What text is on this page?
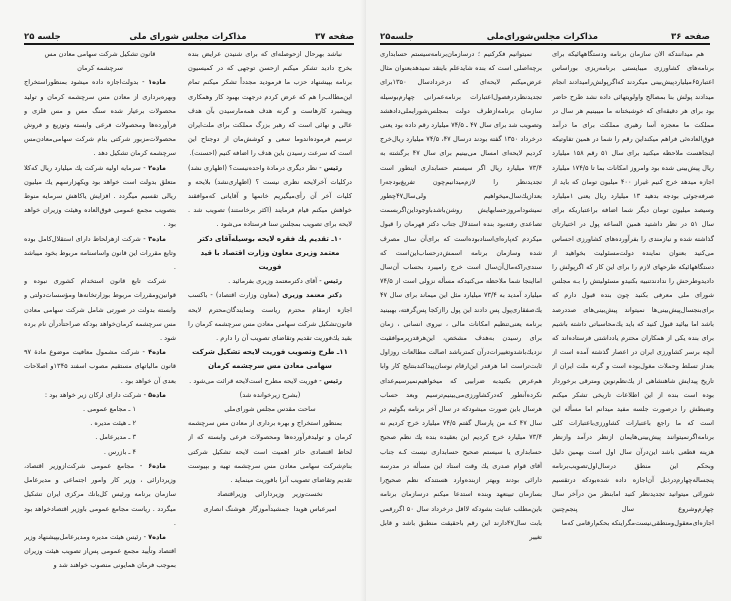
صفحه ۳۷
مذاکرات مجلس شورای ملی
جلسه ۲۵

نباشد بهرحال ازحوصله‌ای که برای شنیدن عرایض بنده بخرج دادید تشکر میکنم ازحسن توجهی که در کمیسیون برنامه بپیشنهاد حزب ما فرمودید مجدداً تشکر میکنم تمام این‌مطالب‌را هم که عرض کردم درجهت بهبود کار وهمکاری وپیشبرد کارهاست و گرنه هدف همه‌مارسیدن بآن هدف عالی و نهائی است که رهبر بزرگ مملکت برای ملت‌ایران ترسیم فرموده‌اندوما سعی و کوشش‌مان از دوجناح این است که سرعت رسیدن باین هدف را اضافه کنیم (احسنت).

رئیس - نظر دیگری درمادة واحده‌نیست؟ (اظهاری نشد) درکلیات آخرلایحه نظری نیست ؟ (اظهاری‌نشد) بلایحه و کلیات آخر آن رأی‌میگیریم خانمها و آقایانی که‌موافقند خواهش میکنم قیام فرمایند (اکثر برخاستند) تصویب شد . لایحه برای تصویب بمجلس سنا فرستاده می‌شود .

۱۰ـ تقدیم یك فقره لایحه بوسیله‌آقای دکتر معتمد وزیری معاون وزارت اقتصاد با قید فوریت

رئیس - آقای دکترمعتمد وزیری بفرمائید .

دکتر معتمد وزیری (معاون وزارت اقتصاد) - باکسب اجازه ازمقام محترم ریاست ونمایندگان‌محترم لایحه قانون‌تشکیل شرکت سهامی معادن مس سرچشمه کرمان را بقید یك‌فوریت تقدیم وتقاضای تصویب آن را دارم .

۱۱ـ طرح وتصویب فوریت لایحه تشکیل شرکت سهامی معادن مس سرچشمه کرمان

رئیس - فوریت لایحه مطرح است‌لایحه قرائت می‌شود .

(بشرح زیرخوانده شد)

ساحت مقدس مجلس شورای‌ملی

بمنظور استخراج و بهره برداری از معادن مس سرچشمه کرمان و تولیدفرآورده‌ها ومحصولات فرعی وابسته که از لحاظ اقتصادی حائز اهمیت است لایحه تشکیل شرکتی بنام‌شرکت سهامی معادن مس سرچشمه تهیه و بپیوست تقدیم وتقاضای تصویب آنرا بافوریت مینماید .

نخست‌وزیر    وزیردارائی    وزیراقتصاد

امیرعباس هویدا  جمشیدآموزگار  هوشنگ انصاری

قانون تشکیل شرکت سهامی معادن مس

سرچشمه کرمان

ماده۱ - بدولت‌اجازه داده میشود بمنظوراستخراج وبهره‌برداری از معادن مس سرچشمه کرمان و تولید محصولات برعیار شده سنگ مس و مس فلزی و فرآورده‌ها ومحصولات فرعی وابسته وتوزیع و فروش محصولات‌مزبور شرکتی بنام شرکت سهامی‌معادن‌مس سرچشمه کرمان تشکیل دهد .

ماده۲ - سرمایه اولیه شرکت یك میلیارد ریال که‌کلا متعلق بدولت است خواهد بود ویکهزارسهم یك میلیون ریالی تقسیم میگردد . افزایش یاکاهش سرمایه منوط بتصویب مجمع عمومی فوق‌العاده وهیئت وزیران خواهد بود .

ماده۳ - شرکت ازهرلحاظ دارای استقلال‌کامل بوده وتابع مقررات این قانون واساسنامه مربوط بخود میباشد .

شرکت تابع قانون استخدام کشوری نبوده و قوانین‌ومقررات مربوط بوزارتخانه‌ها ومؤسسات‌دولتی و وابسته بدولت در صورتی شامل شرکت سهامی معادن مس سرچشمه کرمان‌خواهد بودکه صراحتاًدرآن نام برده شود .

ماده۴ - شرکت مشمول معافیت موضوع مادة ۹۷ قانون مالیاتهای مستقیم مصوب اسفند ۱۳۴۵و اصلاحات بعدی آن خواهد بود .

ماده۵ - شرکت دارای ارکان زیر خواهد بود :

۱ ـ مجامع عمومی .

۲ ـ هیئت مدیره .

۳ ـ مدیرعامل .

۴ ـ بازرس .

ماده۶ - مجامع عمومی شرکت‌ازوزیر اقتصاد، وزیردارائی ، وزیر کار وامور اجتماعی و مدیرعامل سازمان برنامه ورئیس کل‌بانك مرکزی ایران تشکیل میگردد . ریاست مجامع عمومی باوزیر اقتصادخواهد بود .

ماده۷ - رئیس هیئت مدیره ومدیرعامل‌بپیشنهاد وزیر اقتصاد وتأیید مجمع عمومی پس‌از تصویب هیئت وزیران بموجب فرمان همایونی منصوب خواهند شد و

صفحه ۳۶
مذاکرات مجلس‌شورای‌ملی
جلسه۲۵

هم میدانندکه الان سازمان برنامه ودستگاههائیکه برای برنامه‌های کشاورزی میبایستی برنامه‌ریزی بوراساس اعتبار۶۵میلیارد‌پیش‌بینی میکردند که‌اگرپولش‌رامیدادند انجام میدادند پولش بنا بمصالح واولویتهائی داده نشد طرح حاضر بود برای هر دقیقه‌ای که خوشبختانه ما میبینیم هر سال در مملکت ما معجزه آسا رهبری مملکت برای ما درآمد فوق‌العاده‌ئی فراهم میکنداین رقم را شما در همین تفاوتیکه اینجاهست ملاحظه میکنید برای سال ۵۱ رقم ۱۵۸ میلیارد ریال پیش‌بینی شده بود وامروز امکانات بما تا ۱۷۴/۵ میلیارد اجازه میدهد خرج کنیم غیراز ۴۰۰ میلیون تومان که باید از صرفه‌جوئی بودجه بدهید ۱۳ میلیارد ریال یعنی ۱میلیارد وسیصد میلیون تومان دیگر شما اضافه براعتباریکه برای سال ۵۱ در نظر داشتید همین الساعه پول در اختیارتان گذاشته شده و نیازمندی را بفرآورده‌های کشاورزی احساس می‌کنید بعنوان نماینده دولت‌مسئولیت بخواهید از دستگاههائیکه طرحهای لازم را برای این کار که اگرپولش را دادیدوطرحش را ندادندتنبیه بکنیدو مسئولیتش را بـه مجلس شورای ملی معرفی بکنید چون بنده قبول دارم که برای‌بنجسال‌پیش‌بینی‌ها نمیتواند پیش‌بینی‌های صددرصد باشد اما بیائید قبول کنید که باید یك‌محاسباتی داشته باشیم برای بنده یکی از همکاران محترم یادداشتی فرستاده‌اند که آنچه برسر کشاورزی ایران در اعصار گذشته آمده است از بعداز تسلط وحملات مغول‌بوده است و گرنه ملت ایران از تاریخ پیدایش شاهنشاهی از یك‌نظم‌نوین ومترقی برخوردار بوده است بنده از این اطلاعات تاریخی تشکر میکنم وضبطش را درصورت جلسه مفید میدانم اما مسأله این است که ما راجع باعتبارات کشاورزی‌باعتبارات کلی برنامه‌اگرنمیتوانند پیش‌بینی‌هایمان ازنظر درآمد وازنظر هزینه قطعی باشد این‌درآن سال اول است بهمین دلیل وبحکم این منطق درسال‌اول‌تصویب‌برنامه پنجساله‌چهارم‌درذیل آن‌اجازه داده شده‌بودکه درتقسیم شورائی میتوانید تجدیدنظر کنید امابنظر من درآخر سال چهارم‌وشروع سال پنجم‌چنین اجازه‌ای‌معقول‌ومنطقی‌نیست‌مگراینکه بحکم‌ارقامی که‌ما

نمیتوانیم فکرکنیم ؛ درسازمان‌برنامه‌سیستم حسابداری برچه‌اصلی است که بنده شایدعلم باینقد نمیدهدبعنوان مثال عرض‌میکنم لایحه‌ای که درخردادسال ۱۳۵۰برای تجدیدنظردرفصول‌اعتبارات برنامه‌عمرانی چهارم‌بوسیله سازمان برنامه‌ازطرف دولت بمجلس‌شورایملی‌دادهشد وتصویب شد برای سال ۴۷ ـ ۷۴/۵ میلیارد رقم داده بود یعنی درخرداد ۱۳۵۰ گفته بودند درسال ۴۷، ۷۴/۵ میلیارد ریال‌خرج کردیم لایحه‌ای امسال می‌بینیم برای سال ۴۷ برگشته به ۷۳/۴ میلیارد ریال اگر سیستم حسابداری اینطور است تجدیدنظر را لازم‌میدانیم‌چون تفریغ‌بودجه‌را بعدازیك‌سال‌میخواهیم ولی‌سال۴۷چطور نمیشودامروزحسابهایش روشن‌باشدباوجوداین‌اگربسمت تصاعدی رفته‌بود بنده استدلال جناب دکتر قهرمان را قبول میکردم که‌پاره‌ای‌اسنادبوده‌است که برای‌آن سال مصرف شده وسازمان برنامه اسمش‌درحساب‌این‌است که سندی‌راکه‌مال‌آن‌سال است خرج رامیبرد بحساب آن‌سال اما‌اینجا شما ملاحظه می‌کنیدکه مسأله نزولی است از ۷۴/۵ میلیارد آمدید به ۷۳/۴ میلیارد مثل این میماند برای سال ۴۷ یك‌صفقاری‌پول پس دادند این پول راازکجا پس‌گرفته، بهبینید برنامه یعنی‌تنظیم امکانات مالی ، نیروی انسانی ، زمان برای رسیدن به‌هدف مشخص، این‌هرقدرپرموافقیت نزدیك‌باشدوتغییرات‌درآن کمترباشد اصالت مطالعات روزاول ثابت‌تراست اما هرقدر این‌ارقام نوسان‌پیداکند‌بنتایج کار وابا هم‌عرض بکنیدبه ضرابیی که میخواهیم‌نمیرسیم‌عدای نکرده‌آنطور که‌درکشاورزی‌می‌بینیم‌ترسیم وبعد حساب هرسال باین صورت میشودکه در سال آخر برنامه بگوئیم در سال ۴۷ کـه من پارسال گفتم ۷۴/۵ میلیارد خرج کردیم نه ۷۳/۴ میلیارد خرج کردیم این بعقیده بنده یك نظم صحیح حسابداری یا سیستم صحیح حسابداری نیست کـه جناب آقای قوام صدری یك وقت استاد این مسأله در مدرسه دارائی بودند وبهتر ازبنده‌وارد هستندکه نظم صحیح‌را بسازمان تبینعهد وبنده استدعا میکنم درسازمان برنامه باین‌مطلب عنایت بشودکه لااقل درخرداد سال ۵۰ اگررقمی بابت سال۴۷دارند این رقم باحقیقت منطبق باشد و قابل تغییر
